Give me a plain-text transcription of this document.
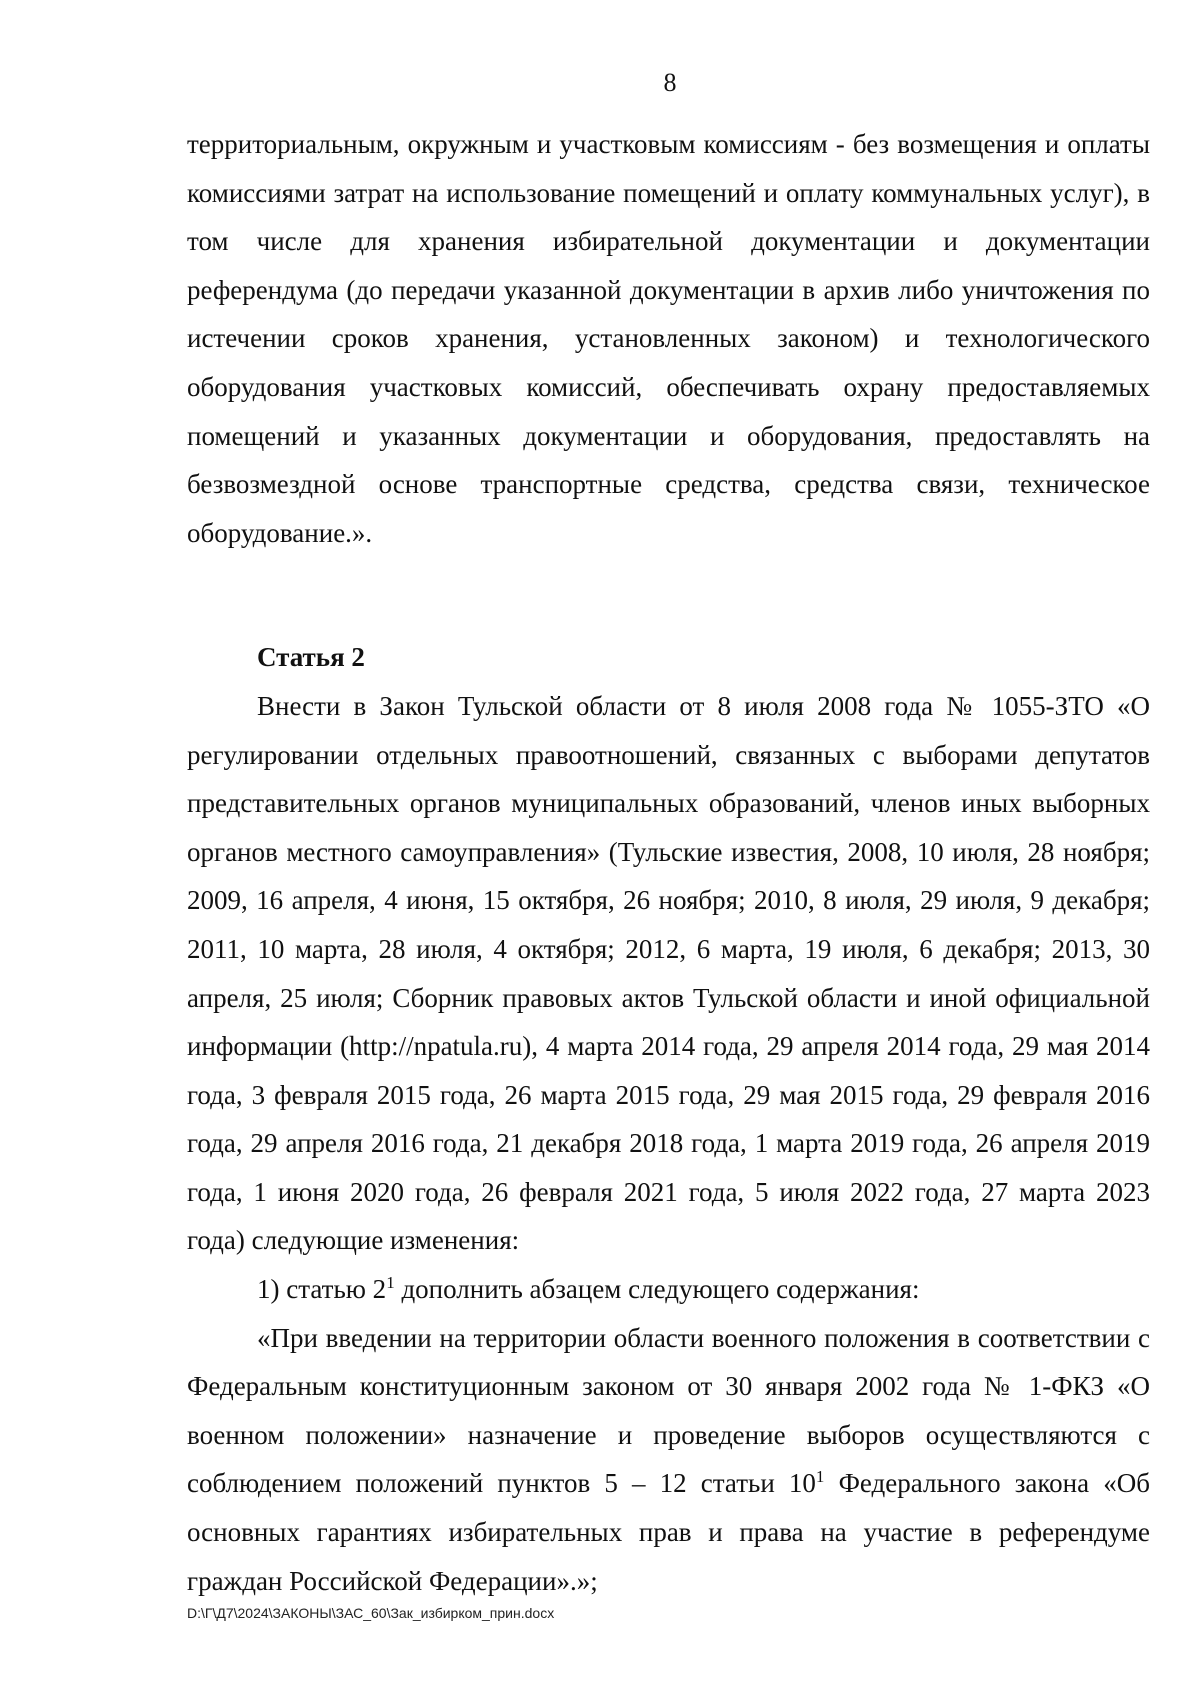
8

территориальным, окружным и участковым комиссиям - без возмещения и оплаты комиссиями затрат на использование помещений и оплату коммунальных услуг), в том числе для хранения избирательной документации и документации референдума (до передачи указанной документации в архив либо уничтожения по истечении сроков хранения, установленных законом) и технологического оборудования участковых комиссий, обеспечивать охрану предоставляемых помещений и указанных документации и оборудования, предоставлять на безвозмездной основе транспортные средства, средства связи, техническое оборудование.».

Статья 2

Внести в Закон Тульской области от 8 июля 2008 года № 1055-ЗТО «О регулировании отдельных правоотношений, связанных с выборами депутатов представительных органов муниципальных образований, членов иных выборных органов местного самоуправления» (Тульские известия, 2008, 10 июля, 28 ноября; 2009, 16 апреля, 4 июня, 15 октября, 26 ноября; 2010, 8 июля, 29 июля, 9 декабря; 2011, 10 марта, 28 июля, 4 октября; 2012, 6 марта, 19 июля, 6 декабря; 2013, 30 апреля, 25 июля; Сборник правовых актов Тульской области и иной официальной информации (http://npatula.ru), 4 марта 2014 года, 29 апреля 2014 года, 29 мая 2014 года, 3 февраля 2015 года, 26 марта 2015 года, 29 мая 2015 года, 29 февраля 2016 года, 29 апреля 2016 года, 21 декабря 2018 года, 1 марта 2019 года, 26 апреля 2019 года, 1 июня 2020 года, 26 февраля 2021 года, 5 июля 2022 года, 27 марта 2023 года) следующие изменения:

1) статью $2^1$ дополнить абзацем следующего содержания:

«При введении на территории области военного положения в соответствии с Федеральным конституционным законом от 30 января 2002 года № 1-ФКЗ «О военном положении» назначение и проведение выборов осуществляются с соблюдением положений пунктов 5 – 12 статьи $10^1$ Федерального закона «Об основных гарантиях избирательных прав и права на участие в референдуме граждан Российской Федерации».»;

D:\Г\Д7\2024\ЗАКОНЫ\ЗАС_60\Зак_избирком_прин.docx
